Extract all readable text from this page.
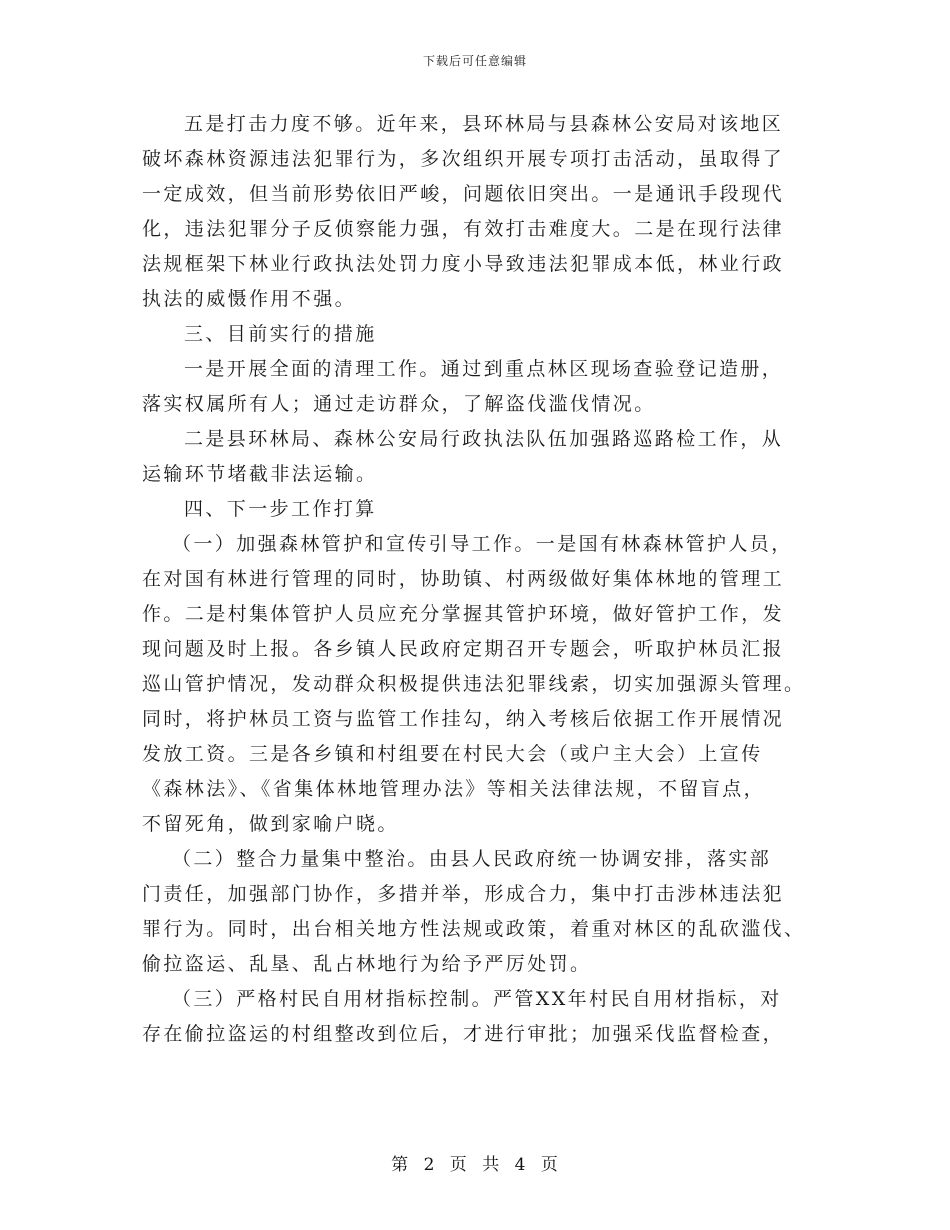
下载后可任意编辑
五是打击力度不够。近年来，县环林局与县森林公安局对该地区
破坏森林资源违法犯罪行为，多次组织开展专项打击活动，虽取得了
一定成效，但当前形势依旧严峻，问题依旧突出。一是通讯手段现代
化，违法犯罪分子反侦察能力强，有效打击难度大。二是在现行法律
法规框架下林业行政执法处罚力度小导致违法犯罪成本低，林业行政
执法的威慑作用不强。
三、目前实行的措施
一是开展全面的清理工作。通过到重点林区现场查验登记造册，
落实权属所有人；通过走访群众，了解盗伐滥伐情况。
二是县环林局、森林公安局行政执法队伍加强路巡路检工作，从
运输环节堵截非法运输。
四、下一步工作打算
（一）加强森林管护和宣传引导工作。一是国有林森林管护人员，
在对国有林进行管理的同时，协助镇、村两级做好集体林地的管理工
作。二是村集体管护人员应充分掌握其管护环境，做好管护工作，发
现问题及时上报。各乡镇人民政府定期召开专题会，听取护林员汇报
巡山管护情况，发动群众积极提供违法犯罪线索，切实加强源头管理。
同时，将护林员工资与监管工作挂勾，纳入考核后依据工作开展情况
发放工资。三是各乡镇和村组要在村民大会（或户主大会）上宣传
《森林法》、《省集体林地管理办法》等相关法律法规，不留盲点，
不留死角，做到家喻户晓。
（二）整合力量集中整治。由县人民政府统一协调安排，落实部
门责任，加强部门协作，多措并举，形成合力，集中打击涉林违法犯
罪行为。同时，出台相关地方性法规或政策，着重对林区的乱砍滥伐、
偷拉盗运、乱垦、乱占林地行为给予严厉处罚。
（三）严格村民自用材指标控制。严管XX年村民自用材指标，对
存在偷拉盗运的村组整改到位后，才进行审批；加强采伐监督检查，
第 2 页 共 4 页
